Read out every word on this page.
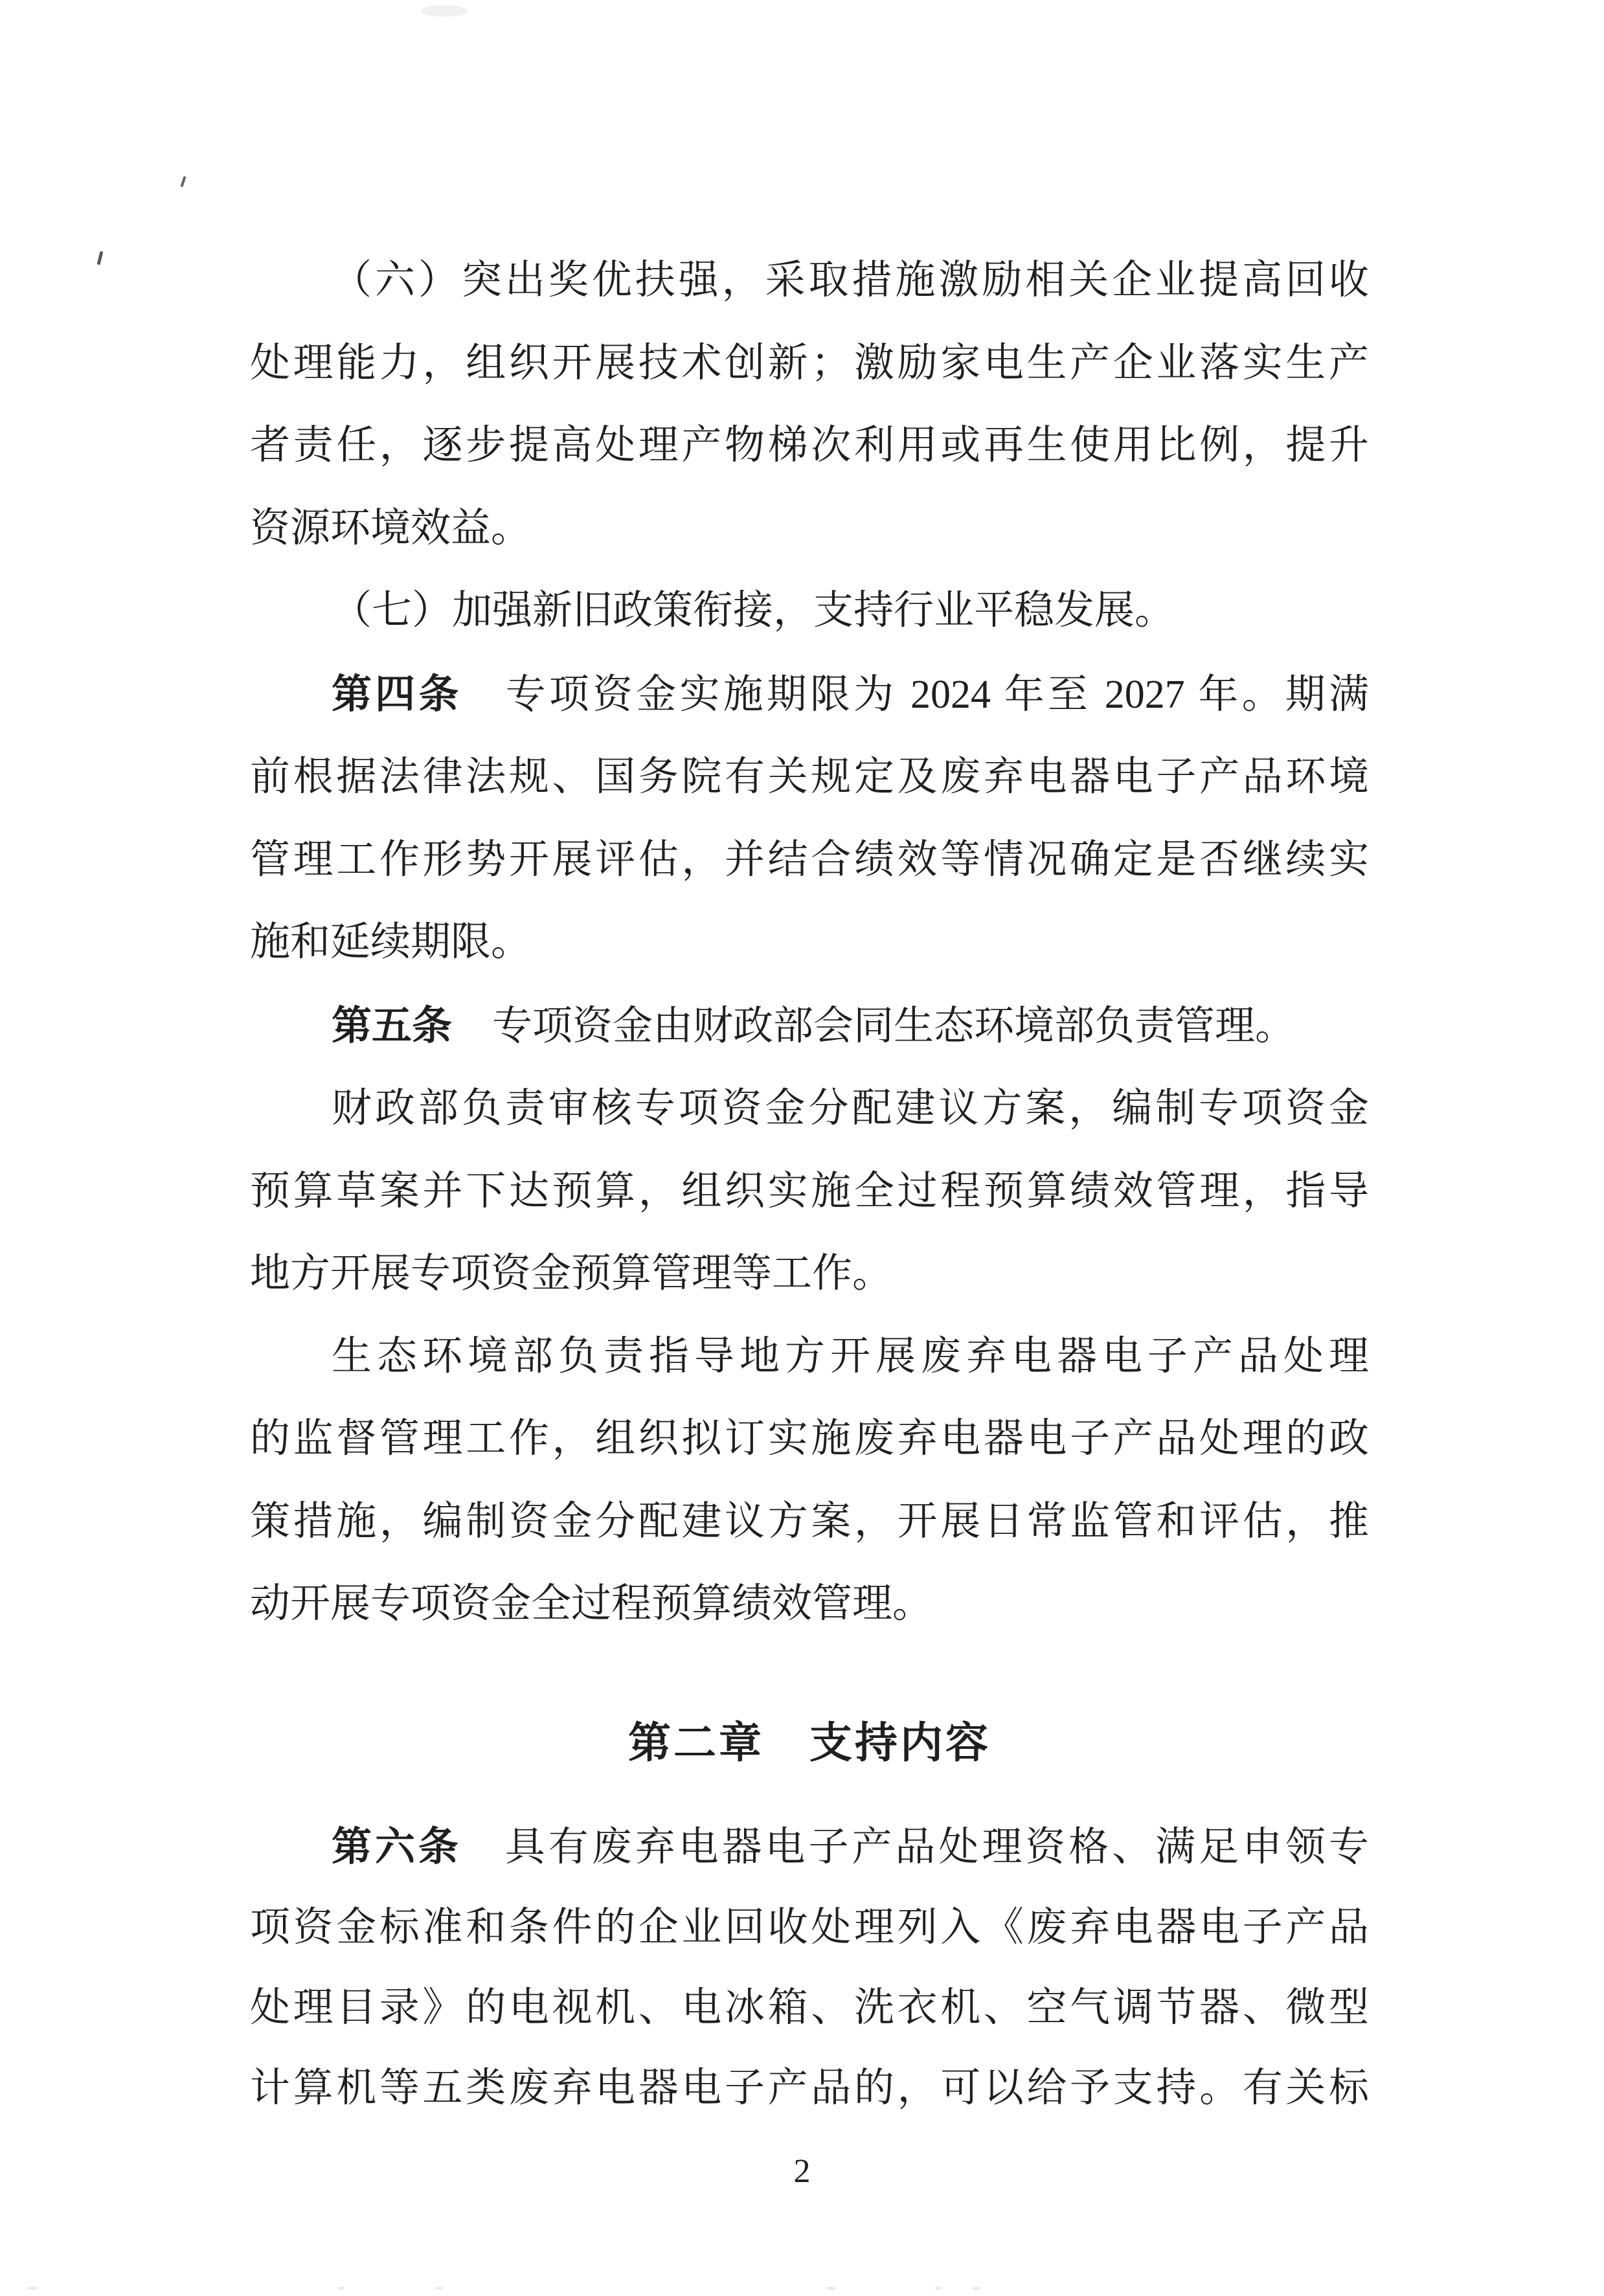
（六）突出奖优扶强，采取措施激励相关企业提高回收
处理能力，组织开展技术创新；激励家电生产企业落实生产
者责任，逐步提高处理产物梯次利用或再生使用比例，提升
资源环境效益。
（七）加强新旧政策衔接，支持行业平稳发展。
第四条　专项资金实施期限为 2024 年至 2027 年。期满
前根据法律法规、国务院有关规定及废弃电器电子产品环境
管理工作形势开展评估，并结合绩效等情况确定是否继续实
施和延续期限。
第五条　专项资金由财政部会同生态环境部负责管理。
财政部负责审核专项资金分配建议方案，编制专项资金
预算草案并下达预算，组织实施全过程预算绩效管理，指导
地方开展专项资金预算管理等工作。
生态环境部负责指导地方开展废弃电器电子产品处理
的监督管理工作，组织拟订实施废弃电器电子产品处理的政
策措施，编制资金分配建议方案，开展日常监管和评估，推
动开展专项资金全过程预算绩效管理。
第二章　支持内容
第六条　具有废弃电器电子产品处理资格、满足申领专
项资金标准和条件的企业回收处理列入《废弃电器电子产品
处理目录》的电视机、电冰箱、洗衣机、空气调节器、微型
计算机等五类废弃电器电子产品的，可以给予支持。有关标
2
